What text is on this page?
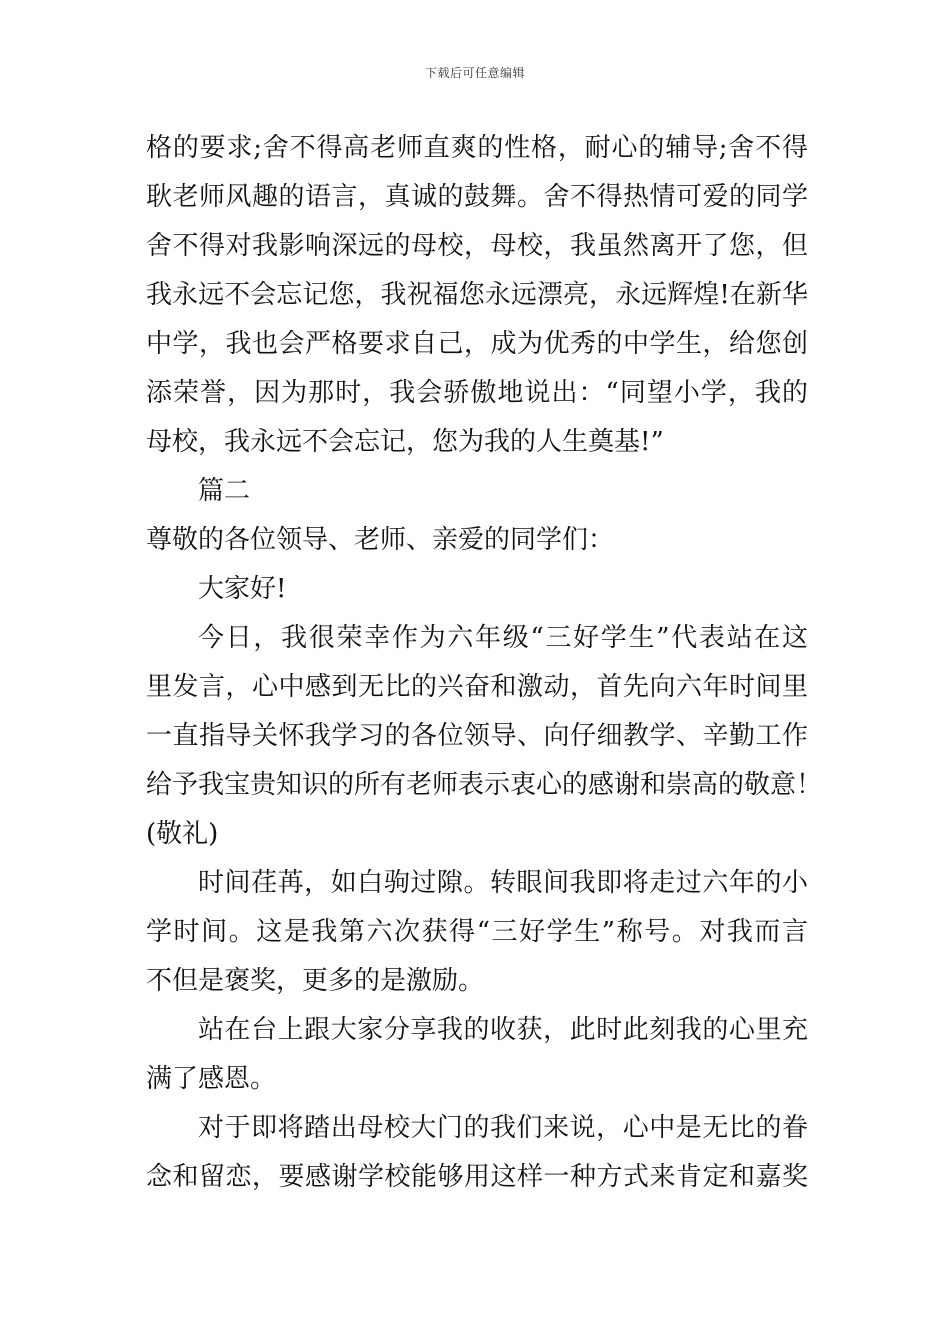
下载后可任意编辑
格的要求;舍不得高老师直爽的性格，耐心的辅导;舍不得
耿老师风趣的语言，真诚的鼓舞。舍不得热情可爱的同学
舍不得对我影响深远的母校，母校，我虽然离开了您，但
我永远不会忘记您，我祝福您永远漂亮，永远辉煌!在新华
中学，我也会严格要求自己，成为优秀的中学生，给您创
添荣誉，因为那时，我会骄傲地说出：“同望小学，我的
母校，我永远不会忘记，您为我的人生奠基!”
篇二
尊敬的各位领导、老师、亲爱的同学们：
大家好!
今日，我很荣幸作为六年级“三好学生”代表站在这
里发言，心中感到无比的兴奋和激动，首先向六年时间里
一直指导关怀我学习的各位领导、向仔细教学、辛勤工作
给予我宝贵知识的所有老师表示衷心的感谢和崇高的敬意！
(敬礼)
时间荏苒，如白驹过隙。转眼间我即将走过六年的小
学时间。这是我第六次获得“三好学生”称号。对我而言
不但是褒奖，更多的是激励。
站在台上跟大家分享我的收获，此时此刻我的心里充
满了感恩。
对于即将踏出母校大门的我们来说，心中是无比的眷
念和留恋，要感谢学校能够用这样一种方式来肯定和嘉奖
